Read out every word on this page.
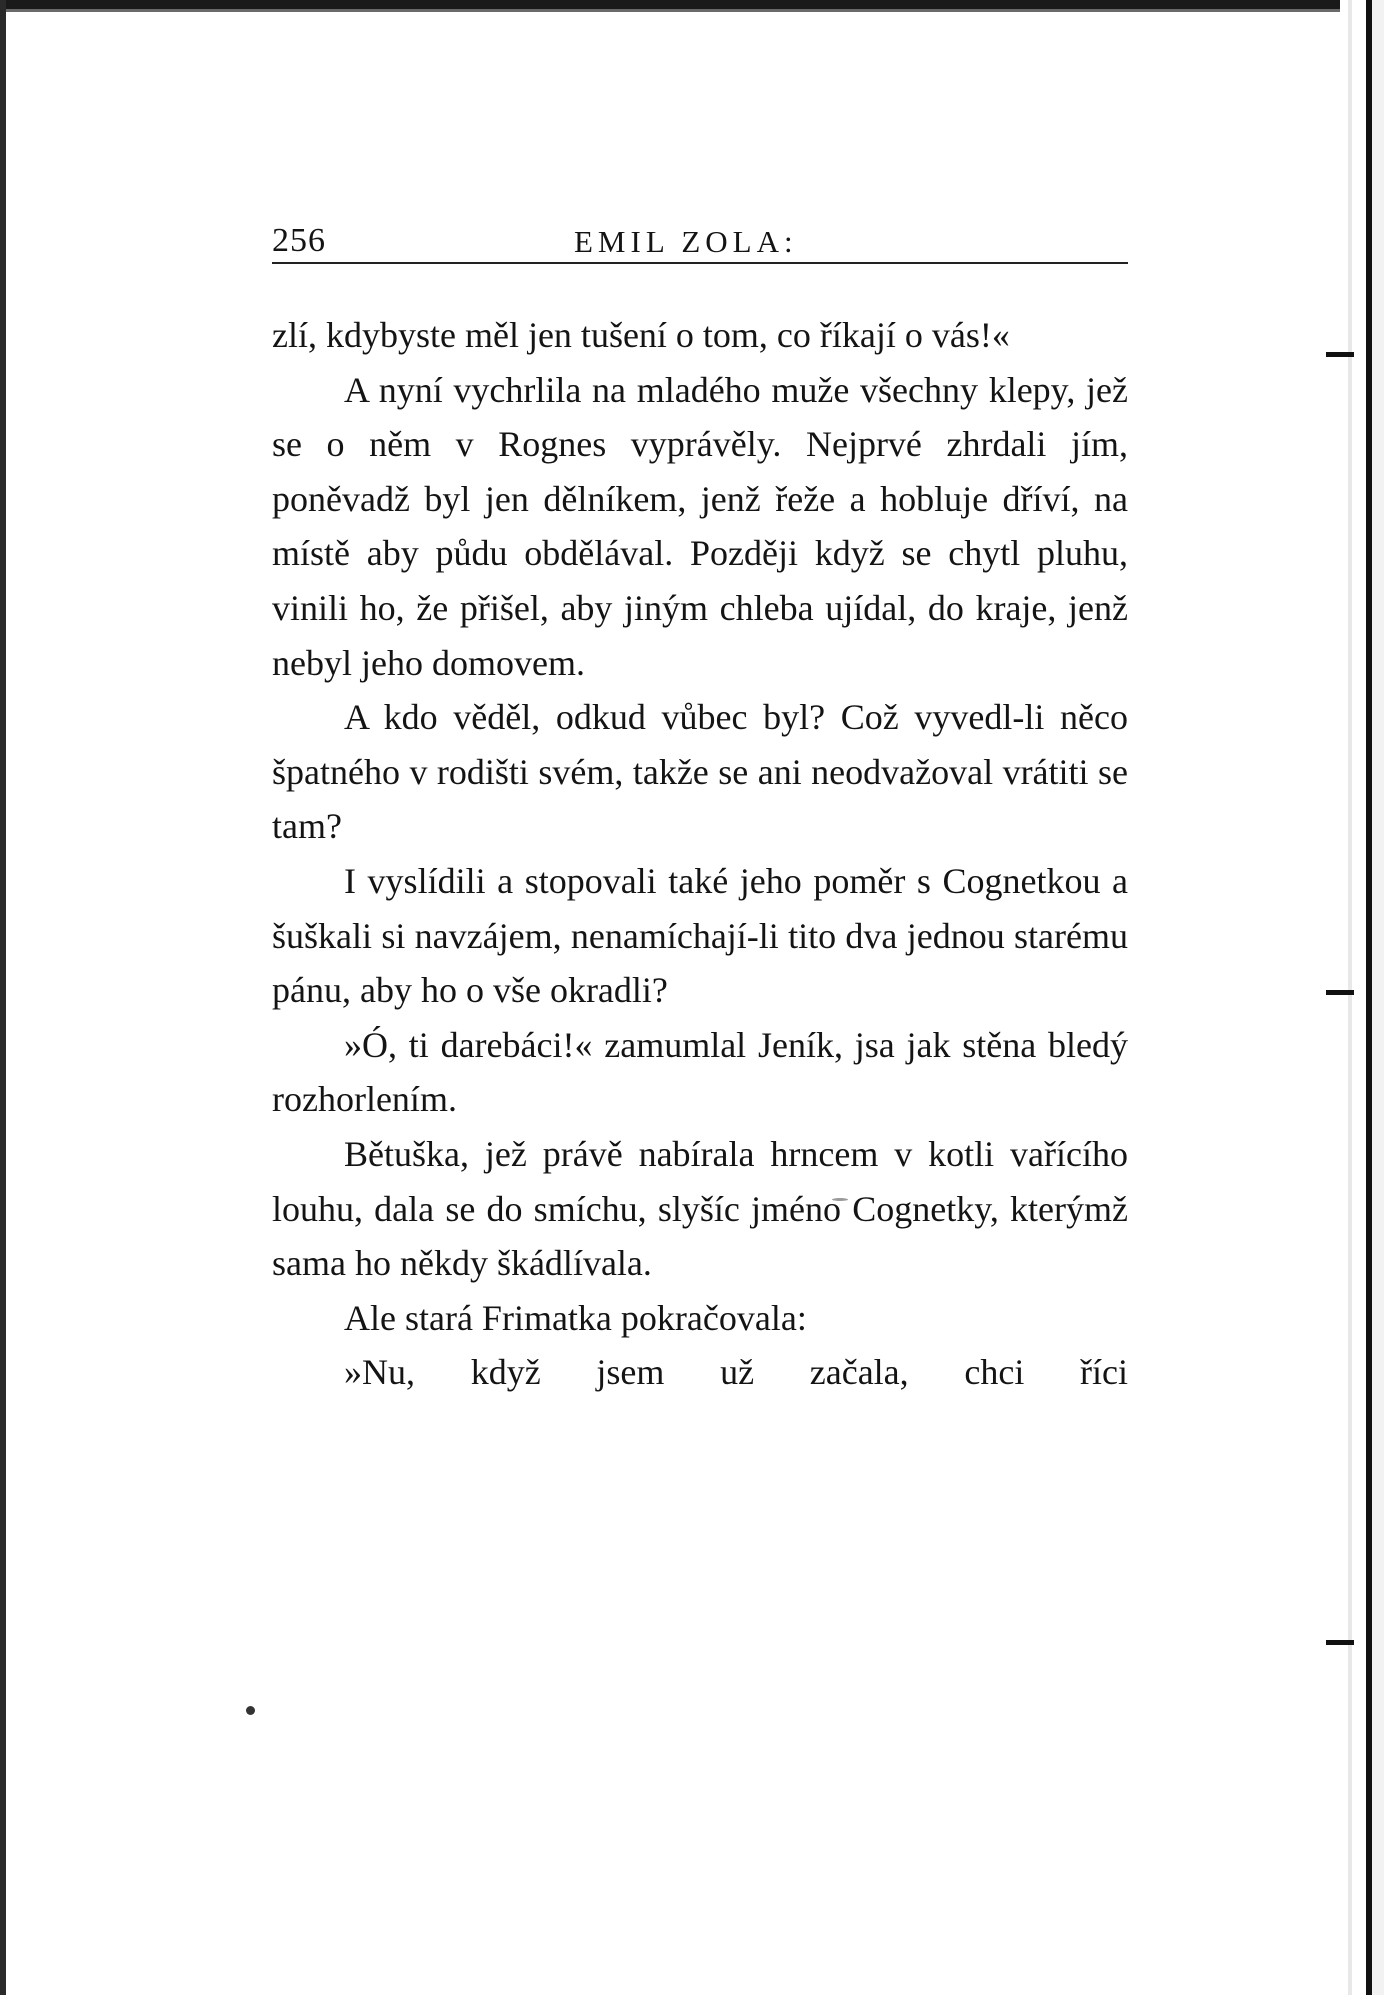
256	EMIL ZOLA:

zlí, kdybyste měl jen tušení o tom, co říkají o vás!«

A nyní vychrlila na mladého muže všechny klepy, jež se o něm v Rognes vyprávěly. Nejprvé zhrdali jím, poněvadž byl jen dělníkem, jenž řeže a hobluje dříví, na místě aby půdu obdělával. Později když se chytl pluhu, vinili ho, že přišel, aby jiným chleba ujídal, do kraje, jenž nebyl jeho domovem.

A kdo věděl, odkud vůbec byl? Což vyvedl-li něco špatného v rodišti svém, takže se ani neodvažoval vrátiti se tam?

I vyslídili a stopovali také jeho poměr s Cognetkou a šuškali si navzájem, nenamíchají-li tito dva jednou starému pánu, aby ho o vše okradli?

»Ó, ti darebáci!« zamumlal Jeník, jsa jak stěna bledý rozhorlením.

Bětuška, jež právě nabírala hrncem v kotli vařícího louhu, dala se do smíchu, slyšíc jméno Cognetky, kterýmž sama ho někdy škádlívala.

Ale stará Frimatka pokračovala:

»Nu, když jsem už začala, chci říci
